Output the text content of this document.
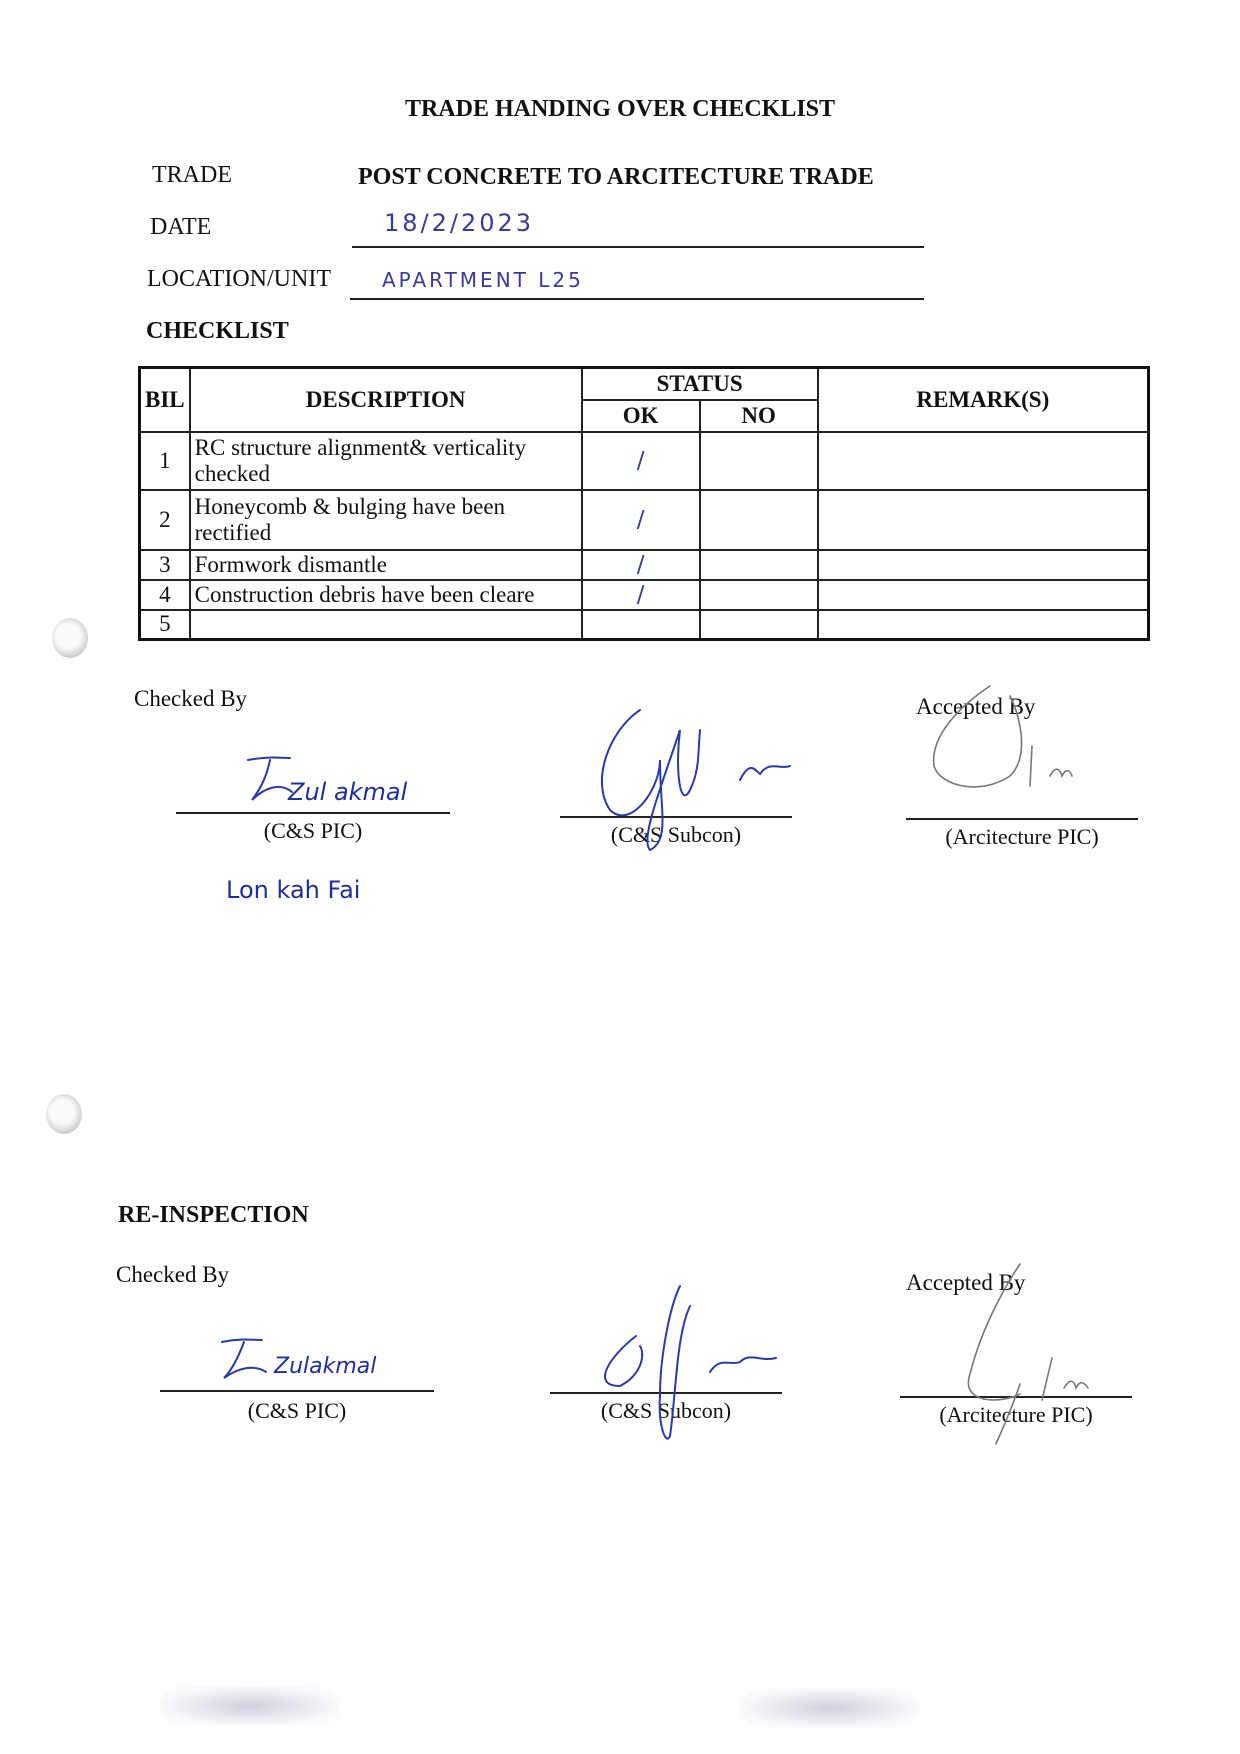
TRADE HANDING OVER CHECKLIST
TRADE	POST CONCRETE TO ARCITECTURE TRADE
DATE	18/2/2023
LOCATION/UNIT	APARTMENT L25
CHECKLIST
BIL	DESCRIPTION	STATUS		REMARK(S)
		OK	NO	
1	RC structure alignment& verticality checked	/		
2	Honeycomb & bulging have been rectified	/		
3	Formwork dismantle	/		
4	Construction debris have been cleare	/		
5				
Checked By	Accepted By
Zul akmal
(C&S PIC)
Lon kah Fai
(C&S Subcon)	(Arcitecture PIC)
RE-INSPECTION
Checked By	Accepted By
Zulakmal
(C&S PIC)	(C&S Subcon)	(Arcitecture PIC)
